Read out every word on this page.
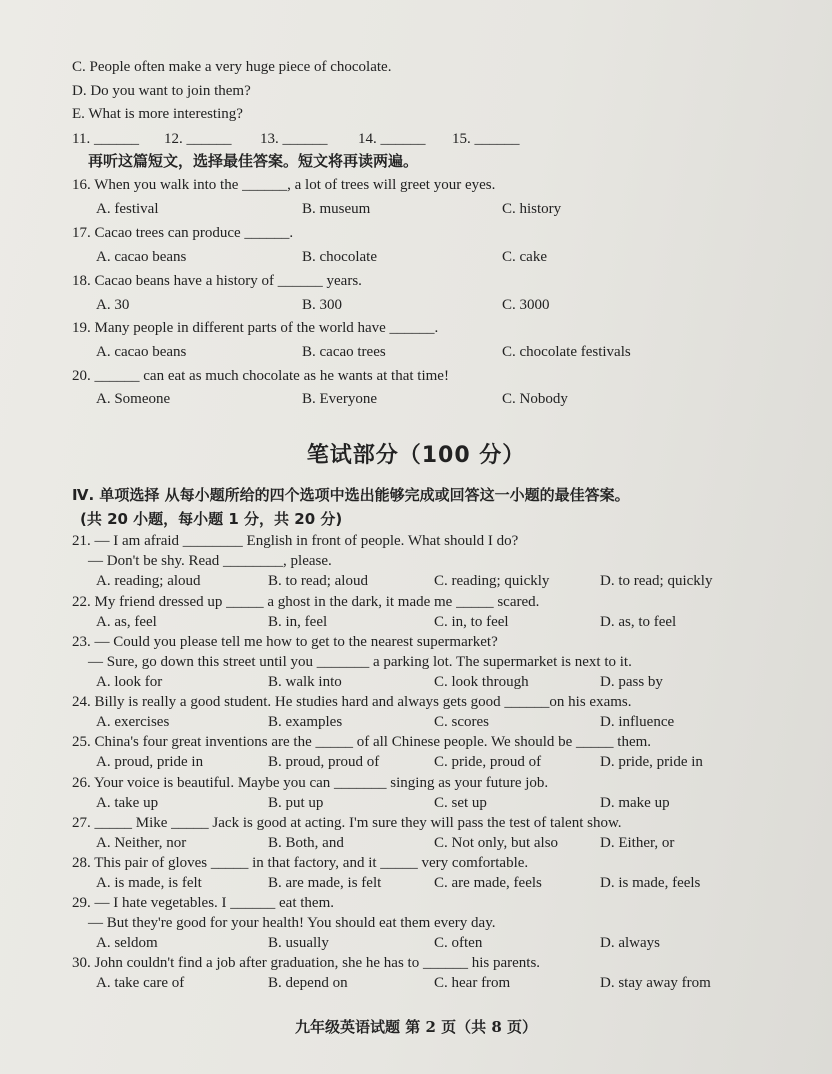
C. People often make a very huge piece of chocolate.
D. Do you want to join them?
E. What is more interesting?
11. ______ 12. ______ 13. ______ 14. ______ 15. ______
再听这篇短文，选择最佳答案。短文将再读两遍。
16. When you walk into the ______, a lot of trees will greet your eyes.
A. festival	B. museum	C. history
17. Cacao trees can produce ______.
A. cacao beans	B. chocolate	C. cake
18. Cacao beans have a history of ______ years.
A. 30	B. 300	C. 3000
19. Many people in different parts of the world have ______.
A. cacao beans	B. cacao trees	C. chocolate festivals
20. ______ can eat as much chocolate as he wants at that time!
A. Someone	B. Everyone	C. Nobody
笔试部分（100 分）
Ⅳ. 单项选择 从每小题所给的四个选项中选出能够完成或回答这一小题的最佳答案。
(共 20 小题，每小题 1 分，共 20 分)
21. — I am afraid ________ English in front of people. What should I do?
— Don't be shy. Read ________, please.
A. reading; aloud	B. to read; aloud	C. reading; quickly	D. to read; quickly
22. My friend dressed up _____ a ghost in the dark, it made me _____ scared.
A. as, feel	B. in, feel	C. in, to feel	D. as, to feel
23. — Could you please tell me how to get to the nearest supermarket?
— Sure, go down this street until you _______ a parking lot. The supermarket is next to it.
A. look for	B. walk into	C. look through	D. pass by
24. Billy is really a good student. He studies hard and always gets good ______on his exams.
A. exercises	B. examples	C. scores	D. influence
25. China's four great inventions are the _____ of all Chinese people. We should be _____ them.
A. proud, pride in	B. proud, proud of	C. pride, proud of	D. pride, pride in
26. Your voice is beautiful. Maybe you can _______ singing as your future job.
A. take up	B. put up	C. set up	D. make up
27. _____ Mike _____ Jack is good at acting. I'm sure they will pass the test of talent show.
A. Neither, nor	B. Both, and	C. Not only, but also	D. Either, or
28. This pair of gloves _____ in that factory, and it _____ very comfortable.
A. is made, is felt	B. are made, is felt	C. are made, feels	D. is made, feels
29. — I hate vegetables. I ______ eat them.
— But they're good for your health! You should eat them every day.
A. seldom	B. usually	C. often	D. always
30. John couldn't find a job after graduation, she he has to ______ his parents.
A. take care of	B. depend on	C. hear from	D. stay away from
九年级英语试题 第 2 页（共 8 页）
